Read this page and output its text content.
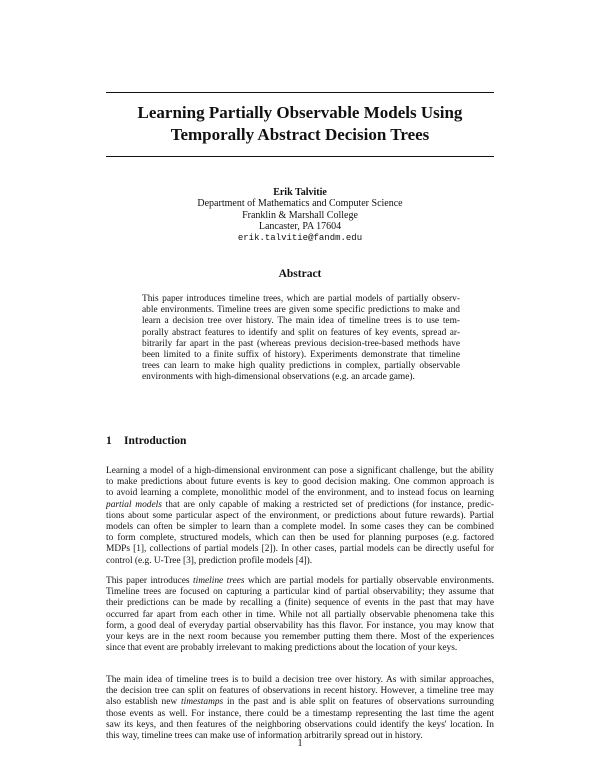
Learning Partially Observable Models Using
Temporally Abstract Decision Trees
Erik Talvitie
Department of Mathematics and Computer Science
Franklin & Marshall College
Lancaster, PA 17604
erik.talvitie@fandm.edu
Abstract
This paper introduces timeline trees, which are partial models of partially observ-
able environments. Timeline trees are given some specific predictions to make and
learn a decision tree over history. The main idea of timeline trees is to use tem-
porally abstract features to identify and split on features of key events, spread ar-
bitrarily far apart in the past (whereas previous decision-tree-based methods have
been limited to a finite suffix of history). Experiments demonstrate that timeline
trees can learn to make high quality predictions in complex, partially observable
environments with high-dimensional observations (e.g. an arcade game).
1 Introduction
Learning a model of a high-dimensional environment can pose a significant challenge, but the ability
to make predictions about future events is key to good decision making. One common approach is
to avoid learning a complete, monolithic model of the environment, and to instead focus on learning
partial models that are only capable of making a restricted set of predictions (for instance, predic-
tions about some particular aspect of the environment, or predictions about future rewards). Partial
models can often be simpler to learn than a complete model. In some cases they can be combined
to form complete, structured models, which can then be used for planning purposes (e.g. factored
MDPs [1], collections of partial models [2]). In other cases, partial models can be directly useful for
control (e.g. U-Tree [3], prediction profile models [4]).
This paper introduces timeline trees which are partial models for partially observable environments.
Timeline trees are focused on capturing a particular kind of partial observability; they assume that
their predictions can be made by recalling a (finite) sequence of events in the past that may have
occurred far apart from each other in time. While not all partially observable phenomena take this
form, a good deal of everyday partial observability has this flavor. For instance, you may know that
your keys are in the next room because you remember putting them there. Most of the experiences
since that event are probably irrelevant to making predictions about the location of your keys.
The main idea of timeline trees is to build a decision tree over history. As with similar approaches,
the decision tree can split on features of observations in recent history. However, a timeline tree may
also establish new timestamps in the past and is able split on features of observations surrounding
those events as well. For instance, there could be a timestamp representing the last time the agent
saw its keys, and then features of the neighboring observations could identify the keys' location. In
this way, timeline trees can make use of information arbitrarily spread out in history.
1
